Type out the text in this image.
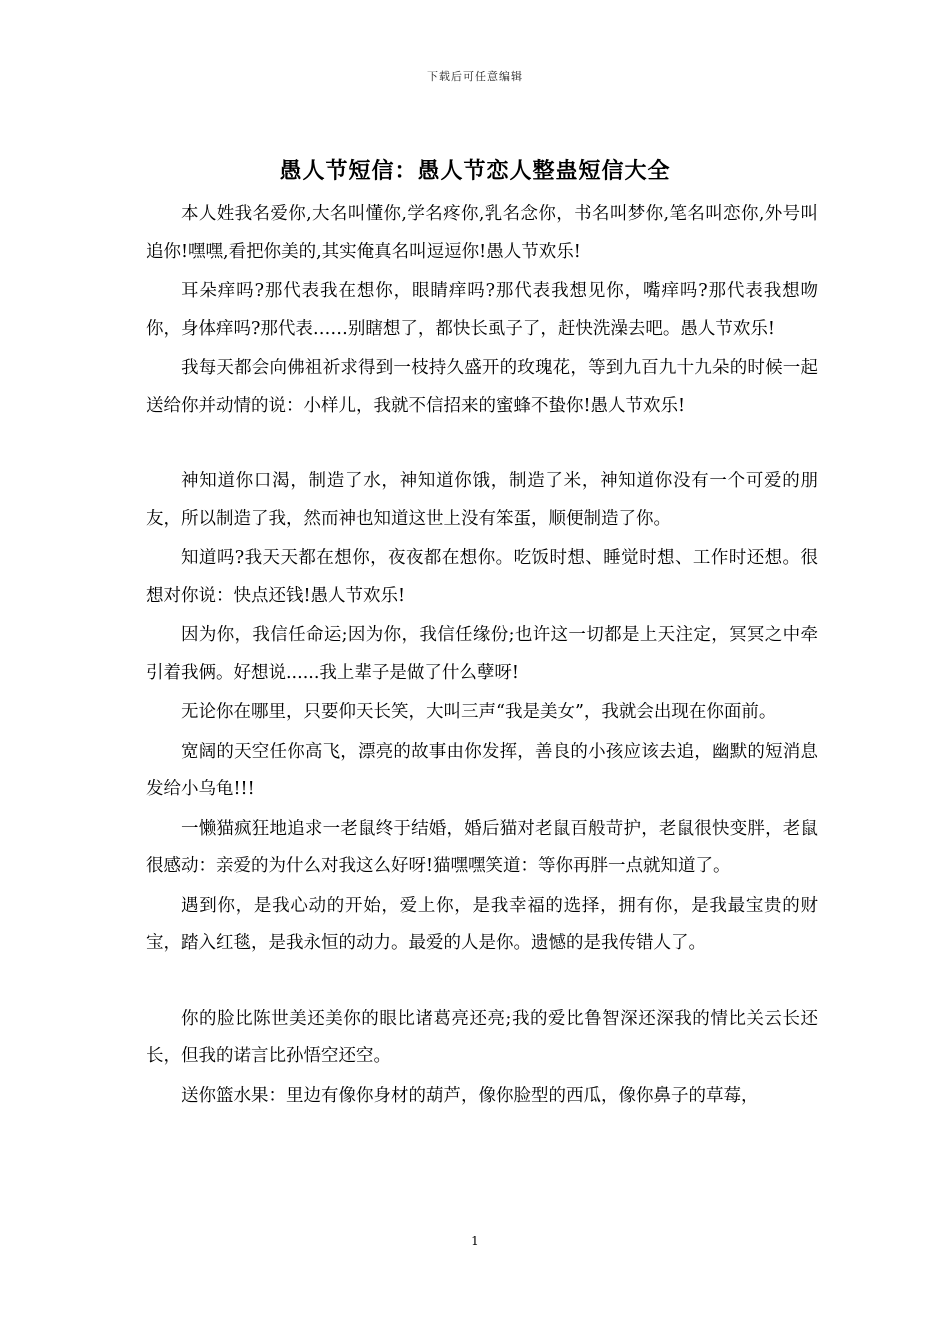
下载后可任意编辑
愚人节短信：愚人节恋人整蛊短信大全

本人姓我名爱你,大名叫懂你,学名疼你,乳名念你，书名叫梦你,笔名叫恋你,外号叫追你!嘿嘿,看把你美的,其实俺真名叫逗逗你!愚人节欢乐!

耳朵痒吗?那代表我在想你，眼睛痒吗?那代表我想见你，嘴痒吗?那代表我想吻你，身体痒吗?那代表……别瞎想了，都快长虱子了，赶快洗澡去吧。愚人节欢乐!

我每天都会向佛祖祈求得到一枝持久盛开的玫瑰花，等到九百九十九朵的时候一起送给你并动情的说：小样儿，我就不信招来的蜜蜂不蛰你!愚人节欢乐!

神知道你口渴，制造了水，神知道你饿，制造了米，神知道你没有一个可爱的朋友，所以制造了我，然而神也知道这世上没有笨蛋，顺便制造了你。

知道吗?我天天都在想你，夜夜都在想你。吃饭时想、睡觉时想、工作时还想。很想对你说：快点还钱!愚人节欢乐!

因为你，我信任命运;因为你，我信任缘份;也许这一切都是上天注定，冥冥之中牵引着我俩。好想说......我上辈子是做了什么孽呀!

无论你在哪里，只要仰天长笑，大叫三声“我是美女”，我就会出现在你面前。

宽阔的天空任你高飞，漂亮的故事由你发挥，善良的小孩应该去追，幽默的短消息发给小乌龟!!!

一懒猫疯狂地追求一老鼠终于结婚，婚后猫对老鼠百般苛护，老鼠很快变胖，老鼠很感动：亲爱的为什么对我这么好呀!猫嘿嘿笑道：等你再胖一点就知道了。

遇到你，是我心动的开始，爱上你，是我幸福的选择，拥有你，是我最宝贵的财宝，踏入红毯，是我永恒的动力。最爱的人是你。遗憾的是我传错人了。

你的脸比陈世美还美你的眼比诸葛亮还亮;我的爱比鲁智深还深我的情比关云长还长，但我的诺言比孙悟空还空。

送你篮水果：里边有像你身材的葫芦，像你脸型的西瓜，像你鼻子的草莓，

1
